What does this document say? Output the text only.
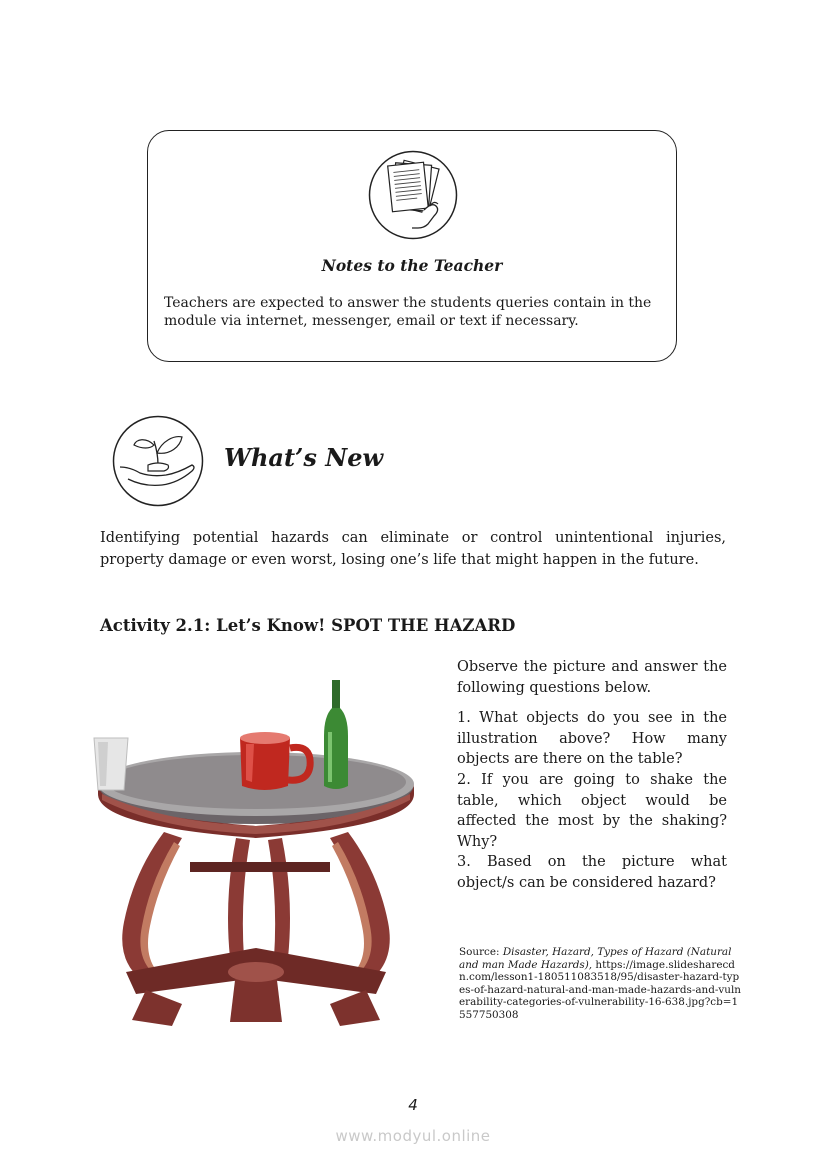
Notes to the Teacher
Teachers are expected to answer the students queries contain in the module via internet, messenger, email or text if necessary.
What’s New
Identifying potential hazards can eliminate or control unintentional injuries, property damage or even worst, losing one’s life that might happen in the future.
Activity 2.1: Let’s Know! SPOT THE HAZARD

Observe the picture and answer the following questions below.

1. What objects do you see in the illustration above? How many objects are there on the table?

2. If you are going to shake the table, which object would be affected the most by the shaking? Why?

3. Based on the picture what object/s can be considered hazard?

Source: Disaster, Hazard, Types of Hazard (Natural and man Made Hazards), https://image.slidesharecdn.com/lesson1-180511083518/95/disaster-hazard-types-of-hazard-natural-and-man-made-hazards-and-vulnerability-categories-of-vulnerability-16-638.jpg?cb=1557750308
4
www.modyul.online
